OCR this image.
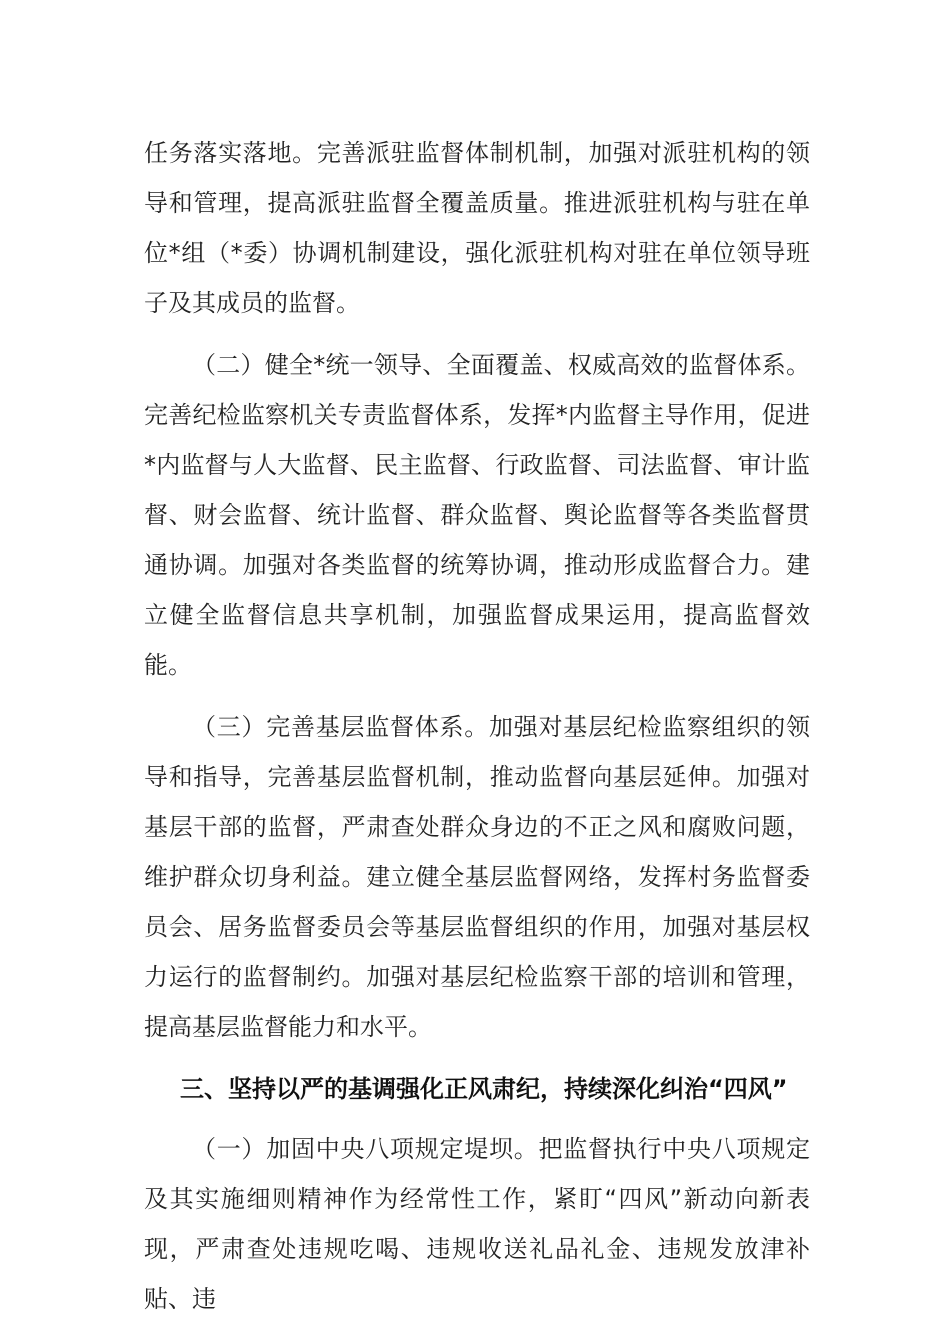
任务落实落地。完善派驻监督体制机制，加强对派驻机构的领导和管理，提高派驻监督全覆盖质量。推进派驻机构与驻在单位*组（*委）协调机制建设，强化派驻机构对驻在单位领导班子及其成员的监督。

（二）健全*统一领导、全面覆盖、权威高效的监督体系。完善纪检监察机关专责监督体系，发挥*内监督主导作用，促进*内监督与人大监督、民主监督、行政监督、司法监督、审计监督、财会监督、统计监督、群众监督、舆论监督等各类监督贯通协调。加强对各类监督的统筹协调，推动形成监督合力。建立健全监督信息共享机制，加强监督成果运用，提高监督效能。

（三）完善基层监督体系。加强对基层纪检监察组织的领导和指导，完善基层监督机制，推动监督向基层延伸。加强对基层干部的监督，严肃查处群众身边的不正之风和腐败问题，维护群众切身利益。建立健全基层监督网络，发挥村务监督委员会、居务监督委员会等基层监督组织的作用，加强对基层权力运行的监督制约。加强对基层纪检监察干部的培训和管理，提高基层监督能力和水平。

三、坚持以严的基调强化正风肃纪，持续深化纠治“四风”

（一）加固中央八项规定堤坝。把监督执行中央八项规定及其实施细则精神作为经常性工作，紧盯“四风”新动向新表现，严肃查处违规吃喝、违规收送礼品礼金、违规发放津补贴、违
